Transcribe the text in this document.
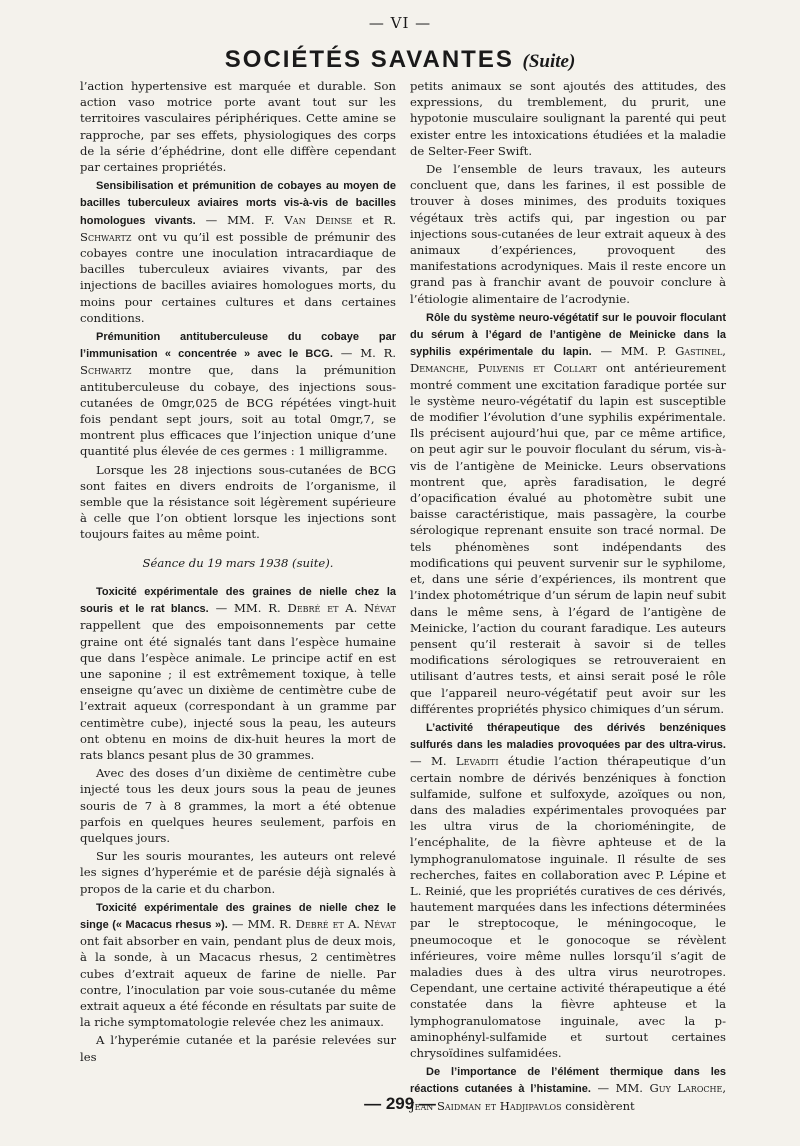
— VI —
SOCIÉTÉS SAVANTES (Suite)

l’action hypertensive est marquée et durable. Son action vaso motrice porte avant tout sur les territoires vasculaires périphériques. Cette amine se rapproche, par ses effets, physiologiques des corps de la série d’éphédrine, dont elle diffère cependant par certaines propriétés.

Sensibilisation et prémunition de cobayes au moyen de bacilles tuberculeux aviaires morts vis-à-vis de bacilles homologues vivants. — MM. F. Van Deinse et R. Schwartz ont vu qu’il est possible de prémunir des cobayes contre une inoculation intracardiaque de bacilles tuberculeux aviaires vivants, par des injections de bacilles aviaires homologues morts, du moins pour certaines cultures et dans certaines conditions.

Prémunition antituberculeuse du cobaye par l’immunisation « concentrée » avec le BCG. — M. R. Schwartz montre que, dans la prémunition antituberculeuse du cobaye, des injections sous-cutanées de 0mgr,025 de BCG répétées vingt-huit fois pendant sept jours, soit au total 0mgr,7, se montrent plus efficaces que l’injection unique d’une quantité plus élevée de ces germes : 1 milligramme.

Lorsque les 28 injections sous-cutanées de BCG sont faites en divers endroits de l’organisme, il semble que la résistance soit légèrement supérieure à celle que l’on obtient lorsque les injections sont toujours faites au même point.

Séance du 19 mars 1938 (suite).

Toxicité expérimentale des graines de nielle chez la souris et le rat blancs. — MM. R. Debré et A. Névat rappellent que des empoisonnements par cette graine ont été signalés tant dans l’espèce humaine que dans l’espèce animale. Le principe actif en est une saponine ; il est extrêmement toxique, à telle enseigne qu’avec un dixième de centimètre cube de l’extrait aqueux (correspondant à un gramme par centimètre cube), injecté sous la peau, les auteurs ont obtenu en moins de dix-huit heures la mort de rats blancs pesant plus de 30 grammes.

Avec des doses d’un dixième de centimètre cube injecté tous les deux jours sous la peau de jeunes souris de 7 à 8 grammes, la mort a été obtenue parfois en quelques heures seulement, parfois en quelques jours.

Sur les souris mourantes, les auteurs ont relevé les signes d’hyperémie et de parésie déjà signalés à propos de la carie et du charbon.

Toxicité expérimentale des graines de nielle chez le singe (« Macacus rhesus »). — MM. R. Debré et A. Névat ont fait absorber en vain, pendant plus de deux mois, à la sonde, à un Macacus rhesus, 2 centimètres cubes d’extrait aqueux de farine de nielle. Par contre, l’inoculation par voie sous-cutanée du même extrait aqueux a été féconde en résultats par suite de la riche symptomatologie relevée chez les animaux.

A l’hyperémie cutanée et la parésie relevées sur les

petits animaux se sont ajoutés des attitudes, des expressions, du tremblement, du prurit, une hypotonie musculaire soulignant la parenté qui peut exister entre les intoxications étudiées et la maladie de Selter-Feer Swift.

De l’ensemble de leurs travaux, les auteurs concluent que, dans les farines, il est possible de trouver à doses minimes, des produits toxiques végétaux très actifs qui, par ingestion ou par injections sous-cutanées de leur extrait aqueux à des animaux d’expériences, provoquent des manifestations acrodyniques. Mais il reste encore un grand pas à franchir avant de pouvoir conclure à l’étiologie alimentaire de l’acrodynie.

Rôle du système neuro-végétatif sur le pouvoir floculant du sérum à l’égard de l’antigène de Meinicke dans la syphilis expérimentale du lapin. — MM. P. Gastinel, Demanche, Pulvenis et Collart ont antérieurement montré comment une excitation faradique portée sur le système neuro-végétatif du lapin est susceptible de modifier l’évolution d’une syphilis expérimentale. Ils précisent aujourd’hui que, par ce même artifice, on peut agir sur le pouvoir floculant du sérum, vis-à-vis de l’antigène de Meinicke. Leurs observations montrent que, après faradisation, le degré d’opacification évalué au photomètre subit une baisse caractéristique, mais passagère, la courbe sérologique reprenant ensuite son tracé normal. De tels phénomènes sont indépendants des modifications qui peuvent survenir sur le syphilome, et, dans une série d’expériences, ils montrent que l’index photométrique d’un sérum de lapin neuf subit dans le même sens, à l’égard de l’antigène de Meinicke, l’action du courant faradique. Les auteurs pensent qu’il resterait à savoir si de telles modifications sérologiques se retrouveraient en utilisant d’autres tests, et ainsi serait posé le rôle que l’appareil neuro-végétatif peut avoir sur les différentes propriétés physico chimiques d’un sérum.

L’activité thérapeutique des dérivés benzéniques sulfurés dans les maladies provoquées par des ultra-virus. — M. Levaditi étudie l’action thérapeutique d’un certain nombre de dérivés benzéniques à fonction sulfamide, sulfone et sulfoxyde, azoïques ou non, dans des maladies expérimentales provoquées par les ultra virus de la chorioméningite, de l’encéphalite, de la fièvre aphteuse et de la lymphogranulomatose inguinale. Il résulte de ses recherches, faites en collaboration avec P. Lépine et L. Reinié, que les propriétés curatives de ces dérivés, hautement marquées dans les infections déterminées par le streptocoque, le méningocoque, le pneumocoque et le gonocoque se révèlent inférieures, voire même nulles lorsqu’il s’agit de maladies dues à des ultra virus neurotropes. Cependant, une certaine activité thérapeutique a été constatée dans la fièvre aphteuse et la lymphogranulomatose inguinale, avec la p-aminophényl-sulfamide et surtout certaines chrysoïdines sulfamidées.

De l’importance de l’élément thermique dans les réactions cutanées à l’histamine. — MM. Guy Laroche, Jean Saidman et Hadjipavlos considèrent

— 299 —
